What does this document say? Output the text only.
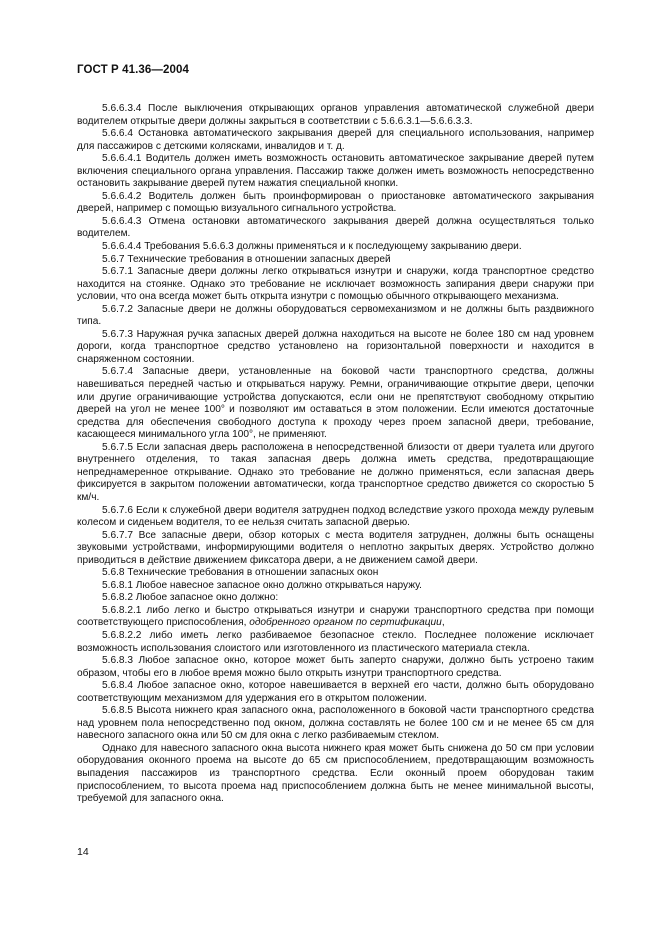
ГОСТ Р 41.36—2004

5.6.6.3.4 После выключения открывающих органов управления автоматической служебной двери водителем открытые двери должны закрыться в соответствии с 5.6.6.3.1—5.6.6.3.3.

5.6.6.4 Остановка автоматического закрывания дверей для специального использования, например для пассажиров с детскими колясками, инвалидов и т. д.

5.6.6.4.1 Водитель должен иметь возможность остановить автоматическое закрывание дверей путем включения специального органа управления. Пассажир также должен иметь возможность непосредственно остановить закрывание дверей путем нажатия специальной кнопки.

5.6.6.4.2 Водитель должен быть проинформирован о приостановке автоматического закрывания дверей, например с помощью визуального сигнального устройства.

5.6.6.4.3 Отмена остановки автоматического закрывания дверей должна осуществляться только водителем.

5.6.6.4.4 Требования 5.6.6.3 должны применяться и к последующему закрыванию двери.

5.6.7 Технические требования в отношении запасных дверей

5.6.7.1 Запасные двери должны легко открываться изнутри и снаружи, когда транспортное средство находится на стоянке. Однако это требование не исключает возможность запирания двери снаружи при условии, что она всегда может быть открыта изнутри с помощью обычного открывающего механизма.

5.6.7.2 Запасные двери не должны оборудоваться сервомеханизмом и не должны быть раздвижного типа.

5.6.7.3 Наружная ручка запасных дверей должна находиться на высоте не более 180 см над уровнем дороги, когда транспортное средство установлено на горизонтальной поверхности и находится в снаряженном состоянии.

5.6.7.4 Запасные двери, установленные на боковой части транспортного средства, должны навешиваться передней частью и открываться наружу. Ремни, ограничивающие открытие двери, цепочки или другие ограничивающие устройства допускаются, если они не препятствуют свободному открытию дверей на угол не менее 100° и позволяют им оставаться в этом положении. Если имеются достаточные средства для обеспечения свободного доступа к проходу через проем запасной двери, требование, касающееся минимального угла 100°, не применяют.

5.6.7.5 Если запасная дверь расположена в непосредственной близости от двери туалета или другого внутреннего отделения, то такая запасная дверь должна иметь средства, предотвращающие непреднамеренное открывание. Однако это требование не должно применяться, если запасная дверь фиксируется в закрытом положении автоматически, когда транспортное средство движется со скоростью 5 км/ч.

5.6.7.6 Если к служебной двери водителя затруднен подход вследствие узкого прохода между рулевым колесом и сиденьем водителя, то ее нельзя считать запасной дверью.

5.6.7.7 Все запасные двери, обзор которых с места водителя затруднен, должны быть оснащены звуковыми устройствами, информирующими водителя о неплотно закрытых дверях. Устройство должно приводиться в действие движением фиксатора двери, а не движением самой двери.

5.6.8 Технические требования в отношении запасных окон

5.6.8.1 Любое навесное запасное окно должно открываться наружу.

5.6.8.2 Любое запасное окно должно:

5.6.8.2.1 либо легко и быстро открываться изнутри и снаружи транспортного средства при помощи соответствующего приспособления, одобренного органом по сертификации,

5.6.8.2.2 либо иметь легко разбиваемое безопасное стекло. Последнее положение исключает возможность использования слоистого или изготовленного из пластического материала стекла.

5.6.8.3 Любое запасное окно, которое может быть заперто снаружи, должно быть устроено таким образом, чтобы его в любое время можно было открыть изнутри транспортного средства.

5.6.8.4 Любое запасное окно, которое навешивается в верхней его части, должно быть оборудовано соответствующим механизмом для удержания его в открытом положении.

5.6.8.5 Высота нижнего края запасного окна, расположенного в боковой части транспортного средства над уровнем пола непосредственно под окном, должна составлять не более 100 см и не менее 65 см для навесного запасного окна или 50 см для окна с легко разбиваемым стеклом.

Однако для навесного запасного окна высота нижнего края может быть снижена до 50 см при условии оборудования оконного проема на высоте до 65 см приспособлением, предотвращающим возможность выпадения пассажиров из транспортного средства. Если оконный проем оборудован таким приспособлением, то высота проема над приспособлением должна быть не менее минимальной высоты, требуемой для запасного окна.

14
